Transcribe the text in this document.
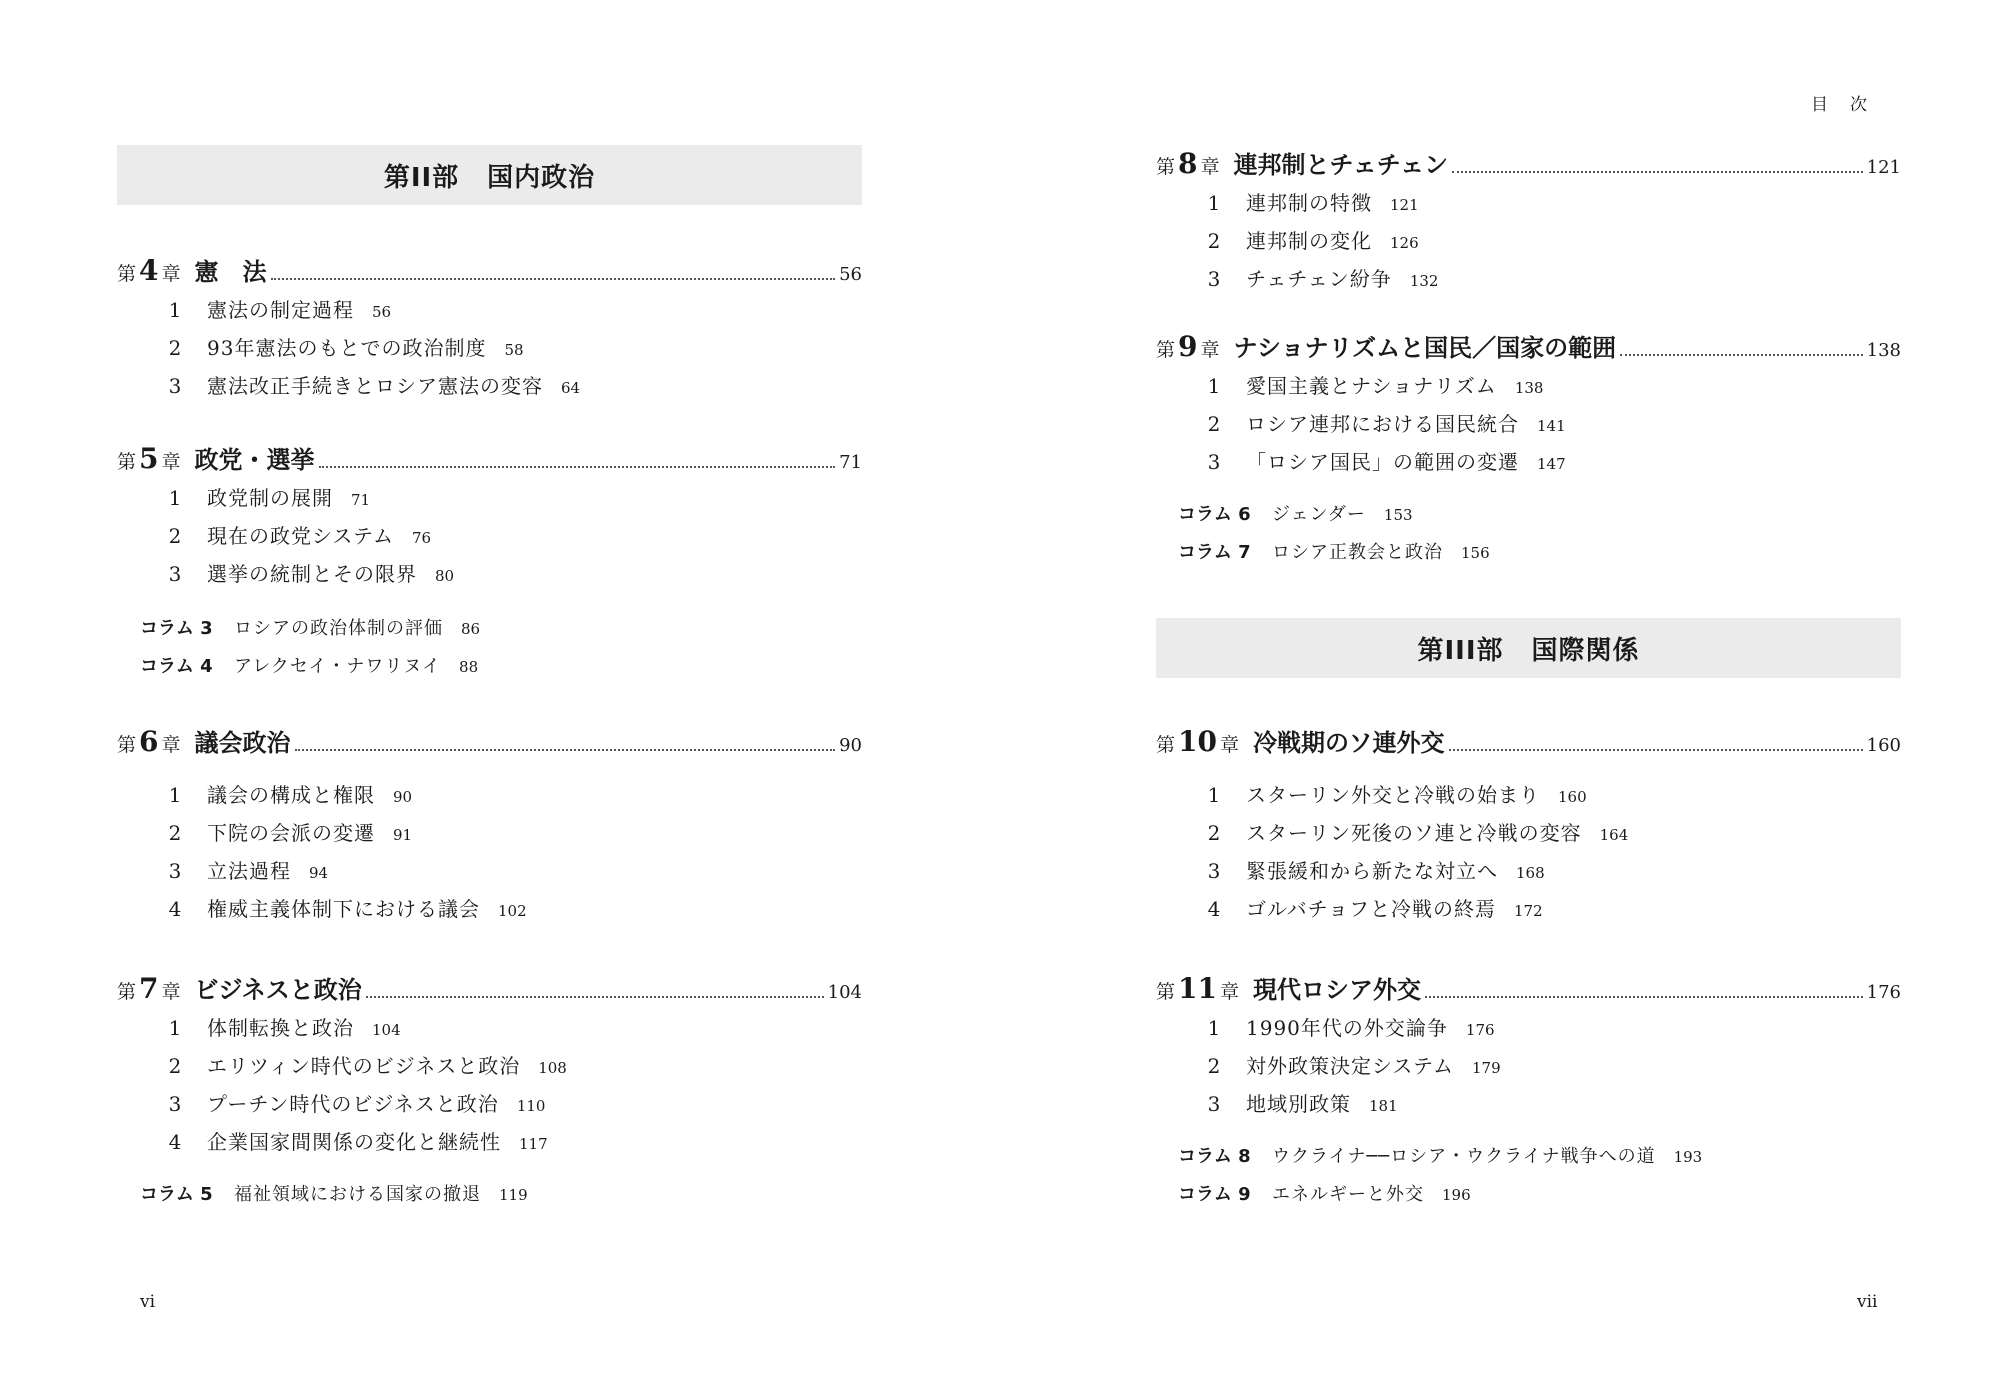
第II部 国内政治
第 4 章 憲　法	56
1	憲法の制定過程 56
2	93年憲法のもとでの政治制度 58
3	憲法改正手続きとロシア憲法の変容 64
第 5 章 政党・選挙	71
1	政党制の展開 71
2	現在の政党システム 76
3	選挙の統制とその限界 80
コラム 3	ロシアの政治体制の評価 86
コラム 4	アレクセイ・ナワリヌイ 88
第 6 章 議会政治	90
1	議会の構成と権限 90
2	下院の会派の変遷 91
3	立法過程 94
4	権威主義体制下における議会 102
第 7 章 ビジネスと政治	104
1	体制転換と政治 104
2	エリツィン時代のビジネスと政治 108
3	プーチン時代のビジネスと政治 110
4	企業国家間関係の変化と継続性 117
コラム 5	福祉領域における国家の撤退 119
vi
目次
第 8 章 連邦制とチェチェン	121
1	連邦制の特徴 121
2	連邦制の変化 126
3	チェチェン紛争 132
第 9 章 ナショナリズムと国民／国家の範囲	138
1	愛国主義とナショナリズム 138
2	ロシア連邦における国民統合 141
3	「ロシア国民」の範囲の変遷 147
コラム 6	ジェンダー 153
コラム 7	ロシア正教会と政治 156
第III部 国際関係
第 10 章 冷戦期のソ連外交	160
1	スターリン外交と冷戦の始まり 160
2	スターリン死後のソ連と冷戦の変容 164
3	緊張緩和から新たな対立へ 168
4	ゴルバチョフと冷戦の終焉 172
第 11 章 現代ロシア外交	176
1	1990年代の外交論争 176
2	対外政策決定システム 179
3	地域別政策 181
コラム 8	ウクライナ──ロシア・ウクライナ戦争への道 193
コラム 9	エネルギーと外交 196
vii
